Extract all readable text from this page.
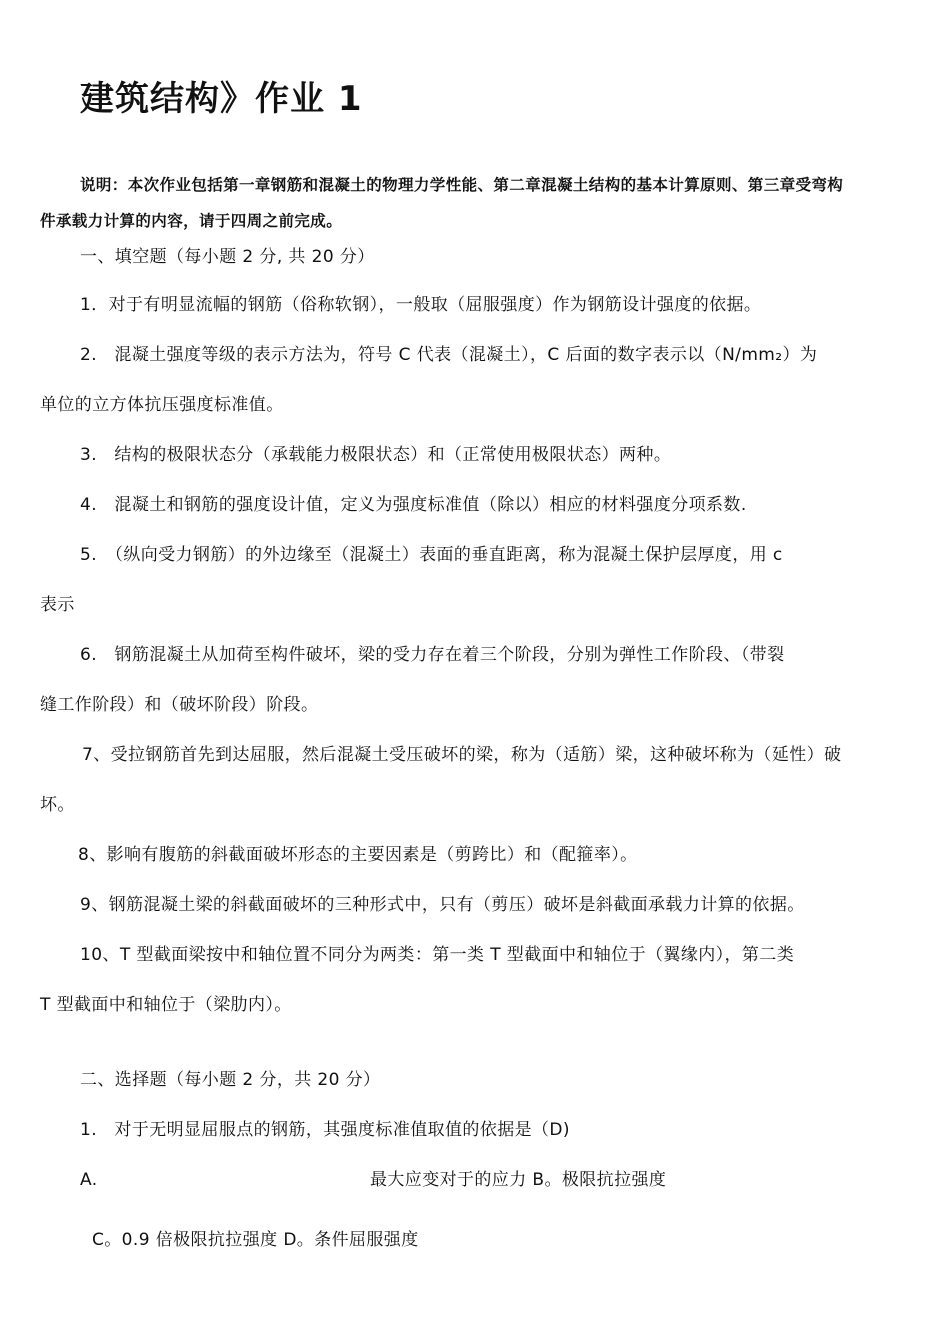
建筑结构》作业 1
说明：本次作业包括第一章钢筋和混凝土的物理力学性能、第二章混凝土结构的基本计算原则、第三章受弯构
件承载力计算的内容，请于四周之前完成。
一、填空题（每小题 2 分, 共 20 分）
1．对于有明显流幅的钢筋（俗称软钢），一般取（屈服强度）作为钢筋设计强度的依据。
2.　混凝土强度等级的表示方法为，符号 C 代表（混凝土），C 后面的数字表示以（N/mm₂）为
单位的立方体抗压强度标准值。
3.　结构的极限状态分（承载能力极限状态）和（正常使用极限状态）两种。
4.　混凝土和钢筋的强度设计值，定义为强度标准值（除以）相应的材料强度分项系数.
5.　（纵向受力钢筋）的外边缘至（混凝土）表面的垂直距离，称为混凝土保护层厚度，用 c
表示
6.　钢筋混凝土从加荷至构件破坏，梁的受力存在着三个阶段，分别为弹性工作阶段、（带裂
缝工作阶段）和（破坏阶段）阶段。
7、受拉钢筋首先到达屈服，然后混凝土受压破坏的梁，称为（适筋）梁，这种破坏称为（延性）破
坏。
8、影响有腹筋的斜截面破坏形态的主要因素是（剪跨比）和（配箍率）。
9、钢筋混凝土梁的斜截面破坏的三种形式中，只有（剪压）破坏是斜截面承载力计算的依据。
10、T 型截面梁按中和轴位置不同分为两类：第一类 T 型截面中和轴位于（翼缘内），第二类
T 型截面中和轴位于（梁肋内）。
二、选择题（每小题 2 分，共 20 分）
1.　对于无明显屈服点的钢筋，其强度标准值取值的依据是（D)
A.	最大应变对于的应力 B。极限抗拉强度
C。0.9 倍极限抗拉强度 D。条件屈服强度
